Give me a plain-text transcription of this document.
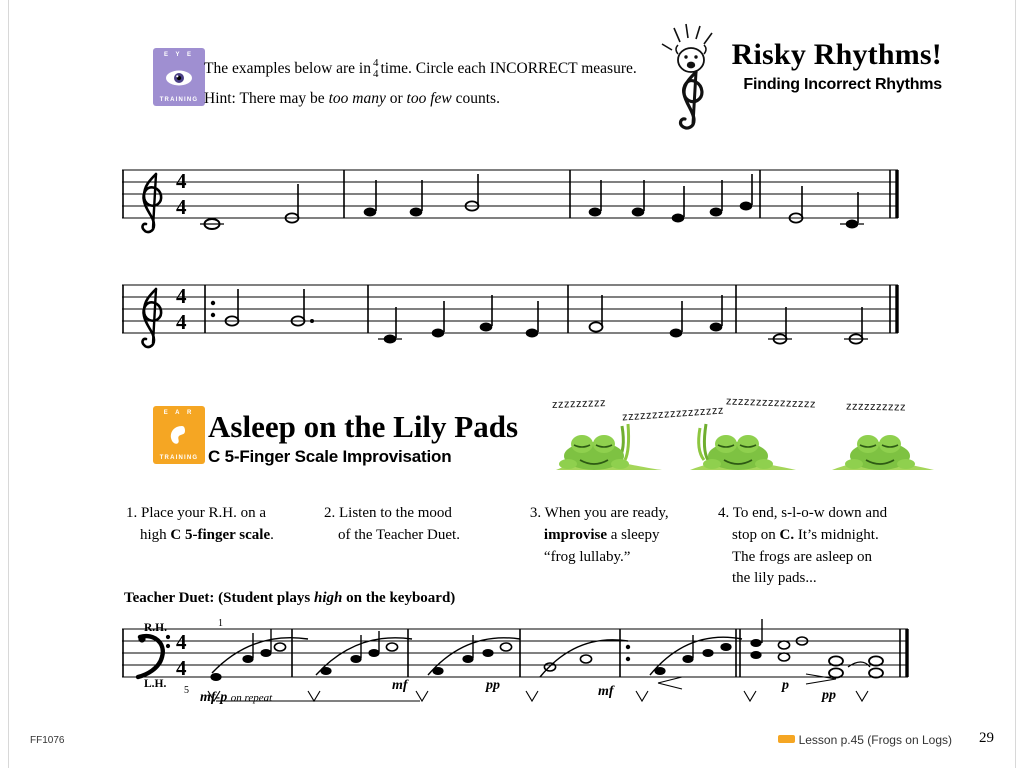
E Y E
TRAINING
The examples below are in 4
4 time. Circle each INCORRECT measure.
Hint: There may be too many or too few counts.
Risky Rhythms!
Finding Incorrect Rhythms
4
4
4
4
E A R
TRAINING
Asleep on the Lily Pads
C 5-Finger Scale Improvisation
zzzzzzzzz
zzzzzzzzzzzzzzzzz
zzzzzzzzzzzzzzz	zzzzzzzzzz
1. Place your R.H. on a
high C 5-finger scale.
2. Listen to the mood
of the Teacher Duet.
3. When you are ready,
improvise a sleepy
“frog lullaby.”
4. To end, s-l-o-w down and
stop on C. It’s midnight.
The frogs are asleep on
the lily pads...
Teacher Duet: (Student plays high on the keyboard)
4
4
R.H.
L.H.
1
5 mf-p on repeat
mf	pp	mf	p
pp
FF1076	Lesson p.45 (Frogs on Logs) 29
